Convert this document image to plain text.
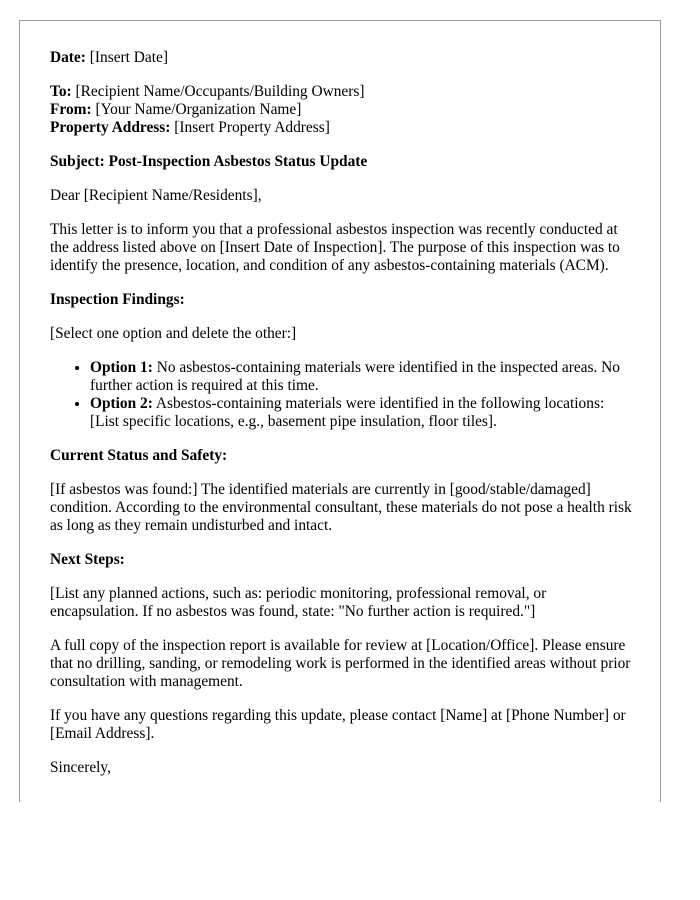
Date: [Insert Date]

To: [Recipient Name/Occupants/Building Owners]

From: [Your Name/Organization Name]

Property Address: [Insert Property Address]

Subject: Post-Inspection Asbestos Status Update

Dear [Recipient Name/Residents],

This letter is to inform you that a professional asbestos inspection was recently conducted at the address listed above on [Insert Date of Inspection]. The purpose of this inspection was to identify the presence, location, and condition of any asbestos-containing materials (ACM).

Inspection Findings:

[Select one option and delete the other:]

• Option 1: No asbestos-containing materials were identified in the inspected areas. No further action is required at this time.
• Option 2: Asbestos-containing materials were identified in the following locations: [List specific locations, e.g., basement pipe insulation, floor tiles].

Current Status and Safety:

[If asbestos was found:] The identified materials are currently in [good/stable/damaged] condition. According to the environmental consultant, these materials do not pose a health risk as long as they remain undisturbed and intact.

Next Steps:

[List any planned actions, such as: periodic monitoring, professional removal, or encapsulation. If no asbestos was found, state: "No further action is required."]

A full copy of the inspection report is available for review at [Location/Office]. Please ensure that no drilling, sanding, or remodeling work is performed in the identified areas without prior consultation with management.

If you have any questions regarding this update, please contact [Name] at [Phone Number] or [Email Address].

Sincerely,
